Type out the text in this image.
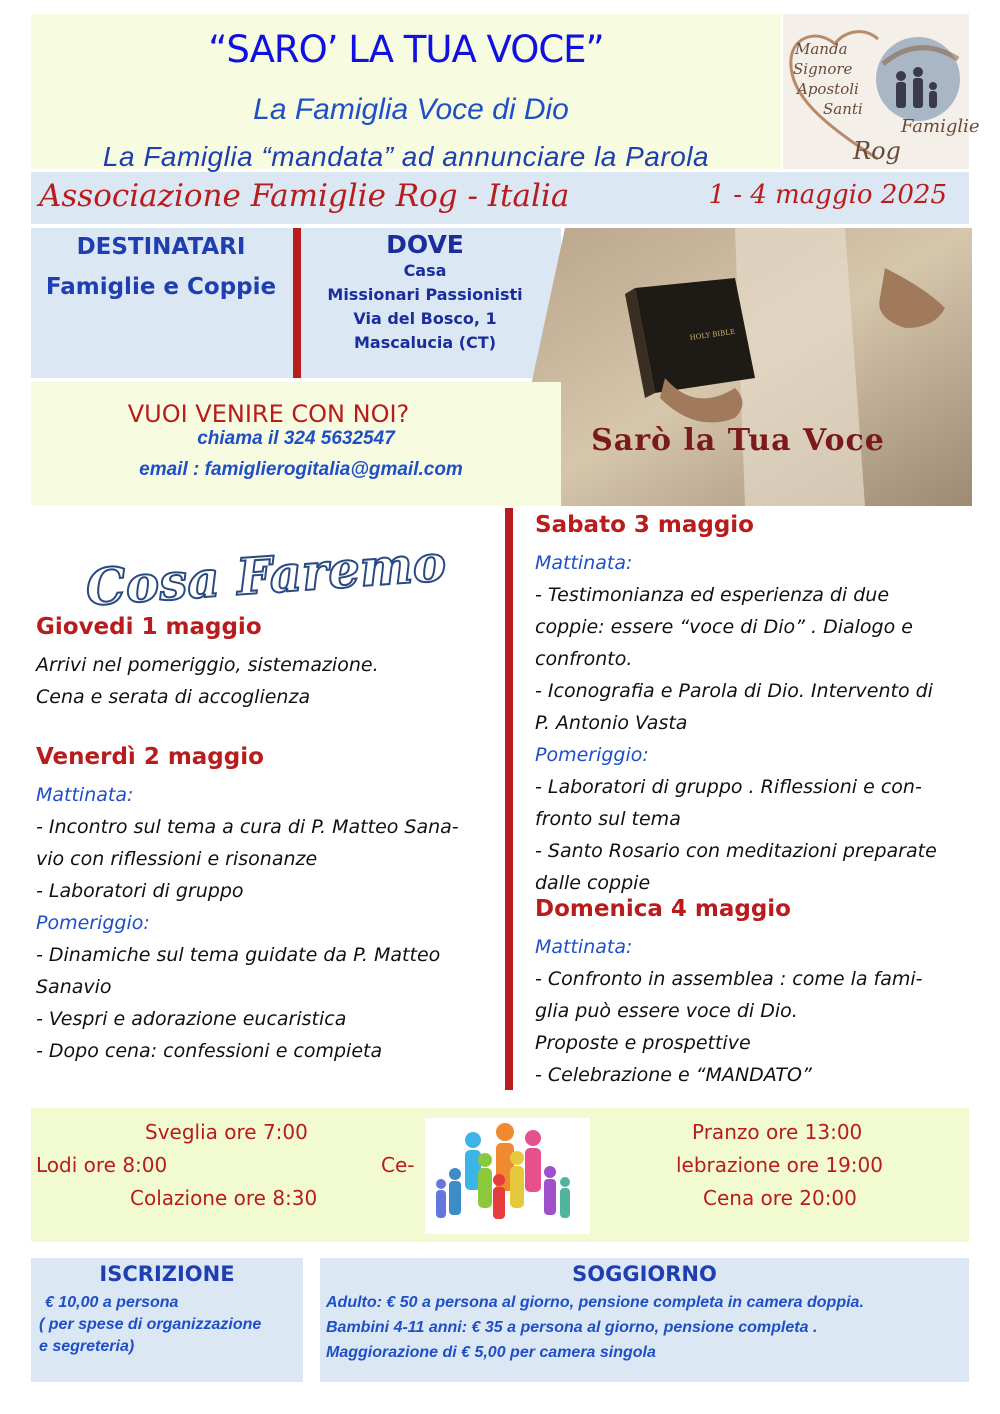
“SARO’ LA TUA VOCE”
La Famiglia Voce di Dio
La Famiglia “mandata” ad annunciare la Parola
Manda
Signore
Apostoli
Santi
Famiglie
Rog
Associazione Famiglie Rog - Italia	1 - 4 maggio 2025
DESTINATARI
Famiglie e Coppie
DOVE
Casa
Missionari Passionisti
Via del Bosco, 1
Mascalucia (CT)	HOLY BIBLE
Sarò la Tua Voce
VUOI VENIRE CON NOI?
chiama il 324 5632547
email : famiglierogitalia@gmail.com
Cosa Faremo
Giovedi 1 maggio
Arrivi nel pomeriggio, sistemazione.
Cena e serata di accoglienza
Venerdì 2 maggio
Mattinata:
- Incontro sul tema a cura di P. Matteo Sana-
vio con riflessioni e risonanze
- Laboratori di gruppo
Pomeriggio:
- Dinamiche sul tema guidate da P. Matteo
Sanavio
- Vespri e adorazione eucaristica
- Dopo cena: confessioni e compieta
Sabato 3 maggio
Mattinata:
- Testimonianza ed esperienza di due
coppie: essere “voce di Dio” . Dialogo e
confronto.
- Iconografia e Parola di Dio. Intervento di
P. Antonio Vasta
Pomeriggio:
- Laboratori di gruppo . Riflessioni e con-
fronto sul tema
- Santo Rosario con meditazioni preparate
dalle coppie
Domenica 4 maggio
Mattinata:
- Confronto in assemblea : come la fami-
glia può essere voce di Dio.
Proposte e prospettive
- Celebrazione e “MANDATO”
Sveglia ore 7:00
Lodi ore 8:00	Ce-
Colazione ore 8:30
Pranzo ore 13:00
lebrazione ore 19:00
Cena ore 20:00
ISCRIZIONE
€ 10,00 a persona
( per spese di organizzazione
e segreteria)
SOGGIORNO
Adulto: € 50 a persona al giorno, pensione completa in camera doppia.
Bambini 4-11 anni: € 35 a persona al giorno, pensione completa .
Maggiorazione di € 5,00 per camera singola
